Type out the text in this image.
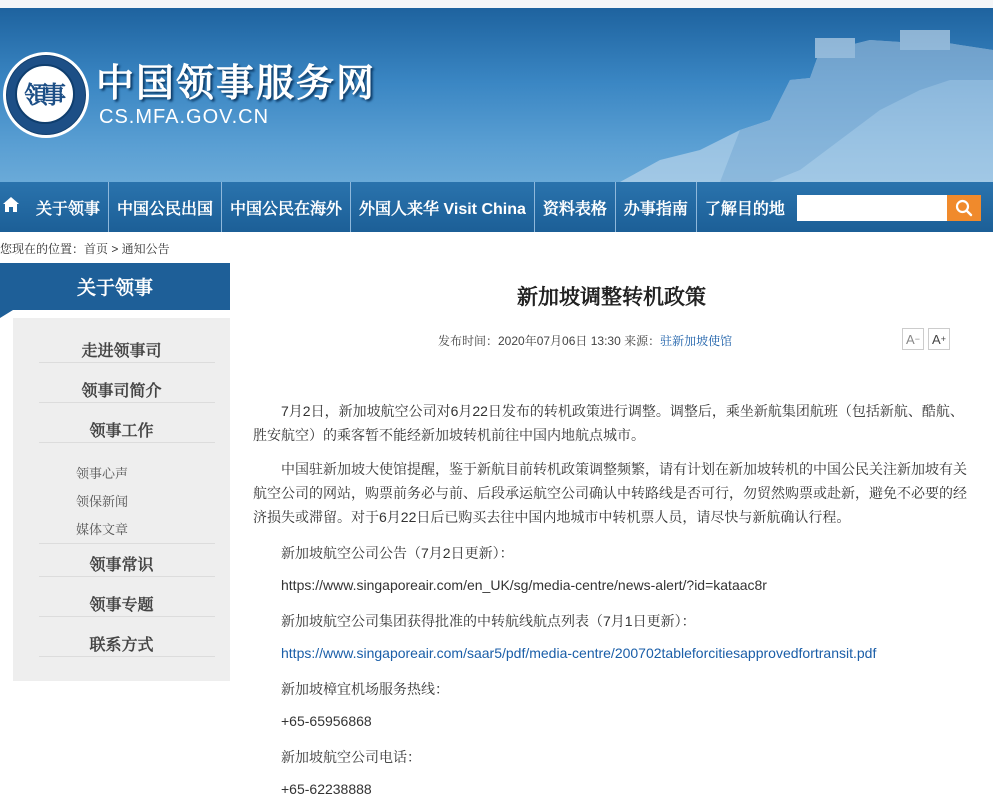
領事 中国领事服务网
CS.MFA.GOV.CN
关于领事	中国公民出国	中国公民在海外	外国人来华 Visit China	资料表格	办事指南	了解目的地
您现在的位置：首页 > 通知公告
关于领事
走进领事司
领事司简介
领事工作
领事心声
领保新闻
媒体文章
领事常识
领事专题
联系方式
新加坡调整转机政策
发布时间：2020年07月06日 13:30 来源：驻新加坡使馆	A − A +
7月2日，新加坡航空公司对6月22日发布的转机政策进行调整。调整后，乘坐新航集团航班（包括新航、酷航、胜安航空）的乘客暂不能经新加坡转机前往中国内地航点城市。
中国驻新加坡大使馆提醒，鉴于新航目前转机政策调整频繁，请有计划在新加坡转机的中国公民关注新加坡有关航空公司的网站，购票前务必与前、后段承运航空公司确认中转路线是否可行，勿贸然购票或赴新，避免不必要的经济损失或滞留。对于6月22日后已购买去往中国内地城市中转机票人员，请尽快与新航确认行程。
新加坡航空公司公告（7月2日更新）：
https://www.singaporeair.com/en_UK/sg/media-centre/news-alert/?id=kataac8r
新加坡航空公司集团获得批准的中转航线航点列表（7月1日更新）：
https://www.singaporeair.com/saar5/pdf/media-centre/200702tableforcitiesapprovedfortransit.pdf
新加坡樟宜机场服务热线：
+65-65956868
新加坡航空公司电话：
+65-62238888
